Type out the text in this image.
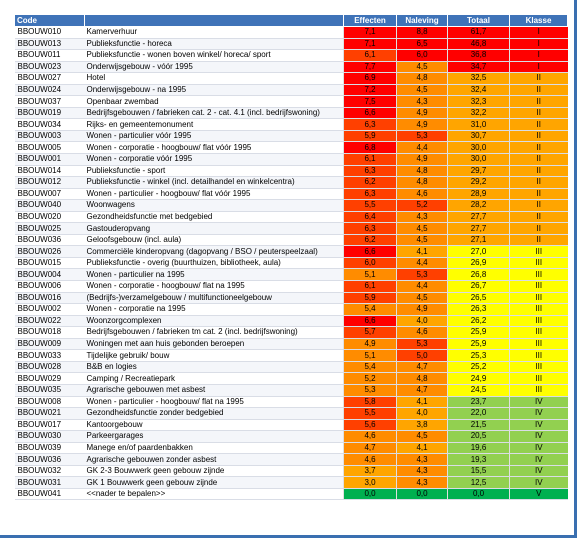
Code		Effecten	Naleving	Totaal	Klasse
BBOUW010	Kamerverhuur	7,1	8,8	61,7	I
BBOUW013	Publieksfunctie - horeca	7,1	6,5	46,8	I
BBOUW011	Publieksfunctie - wonen boven winkel/ horeca/ sport	6,1	6,0	36,8	I
BBOUW023	Onderwijsgebouw - vóór 1995	7,7	4,5	34,7	I
BBOUW027	Hotel	6,9	4,8	32,5	II
BBOUW024	Onderwijsgebouw - na 1995	7,2	4,5	32,4	II
BBOUW037	Openbaar zwembad	7,5	4,3	32,3	II
BBOUW019	Bedrijfsgebouwen / fabrieken cat. 2 - cat. 4.1 (incl. bedrijfswoning)	6,6	4,9	32,2	II
BBOUW034	Rijks- en gemeentemonument	6,3	4,9	31,0	II
BBOUW003	Wonen - particulier vóór 1995	5,9	5,3	30,7	II
BBOUW005	Wonen - corporatie - hoogbouw/ flat vóór 1995	6,8	4,4	30,0	II
BBOUW001	Wonen - corporatie vóór 1995	6,1	4,9	30,0	II
BBOUW014	Publieksfunctie - sport	6,3	4,8	29,7	II
BBOUW012	Publieksfunctie - winkel (incl. detailhandel en winkelcentra)	6,2	4,8	29,2	II
BBOUW007	Wonen - particulier - hoogbouw/ flat vóór 1995	6,3	4,6	28,9	II
BBOUW040	Woonwagens	5,5	5,2	28,2	II
BBOUW020	Gezondheidsfunctie met bedgebied	6,4	4,3	27,7	II
BBOUW025	Gastouderopvang	6,3	4,5	27,7	II
BBOUW036	Geloofsgebouw (incl. aula)	6,2	4,5	27,1	II
BBOUW026	Commerciële kinderopvang (dagopvang / BSO / peuterspeelzaal)	6,6	4,1	27,0	III
BBOUW015	Publieksfunctie - overig (buurthuizen, bibliotheek, aula)	6,0	4,4	26,9	III
BBOUW004	Wonen - particulier na 1995	5,1	5,3	26,8	III
BBOUW006	Wonen - corporatie - hoogbouw/ flat na 1995	6,1	4,4	26,7	III
BBOUW016	(Bedrijfs-)verzamelgebouw / multifunctioneelgebouw	5,9	4,5	26,5	III
BBOUW002	Wonen - corporatie na 1995	5,4	4,9	26,3	III
BBOUW022	Woonzorgcomplexen	6,6	4,0	26,2	III
BBOUW018	Bedrijfsgebouwen / fabrieken tm cat. 2 (incl. bedrijfswoning)	5,7	4,6	25,9	III
BBOUW009	Woningen met aan huis gebonden beroepen	4,9	5,3	25,9	III
BBOUW033	Tijdelijke gebruik/ bouw	5,1	5,0	25,3	III
BBOUW028	B&B en logies	5,4	4,7	25,2	III
BBOUW029	Camping / Recreatiepark	5,2	4,8	24,9	III
BBOUW035	Agrarische gebouwen met asbest	5,3	4,7	24,5	III
BBOUW008	Wonen - particulier - hoogbouw/ flat na 1995	5,8	4,1	23,7	IV
BBOUW021	Gezondheidsfunctie zonder bedgebied	5,5	4,0	22,0	IV
BBOUW017	Kantoorgebouw	5,6	3,8	21,5	IV
BBOUW030	Parkeergarages	4,6	4,5	20,5	IV
BBOUW039	Manege en/of paardenbakken	4,7	4,1	19,6	IV
BBOUW036	Agrarische gebouwen zonder asbest	4,6	4,3	19,3	IV
BBOUW032	GK 2-3 Bouwwerk geen gebouw zijnde	3,7	4,3	15,5	IV
BBOUW031	GK 1 Bouwwerk geen gebouw zijnde	3,0	4,3	12,5	IV
BBOUW041	<<nader te bepalen>>	0,0	0,0	0,0	V
